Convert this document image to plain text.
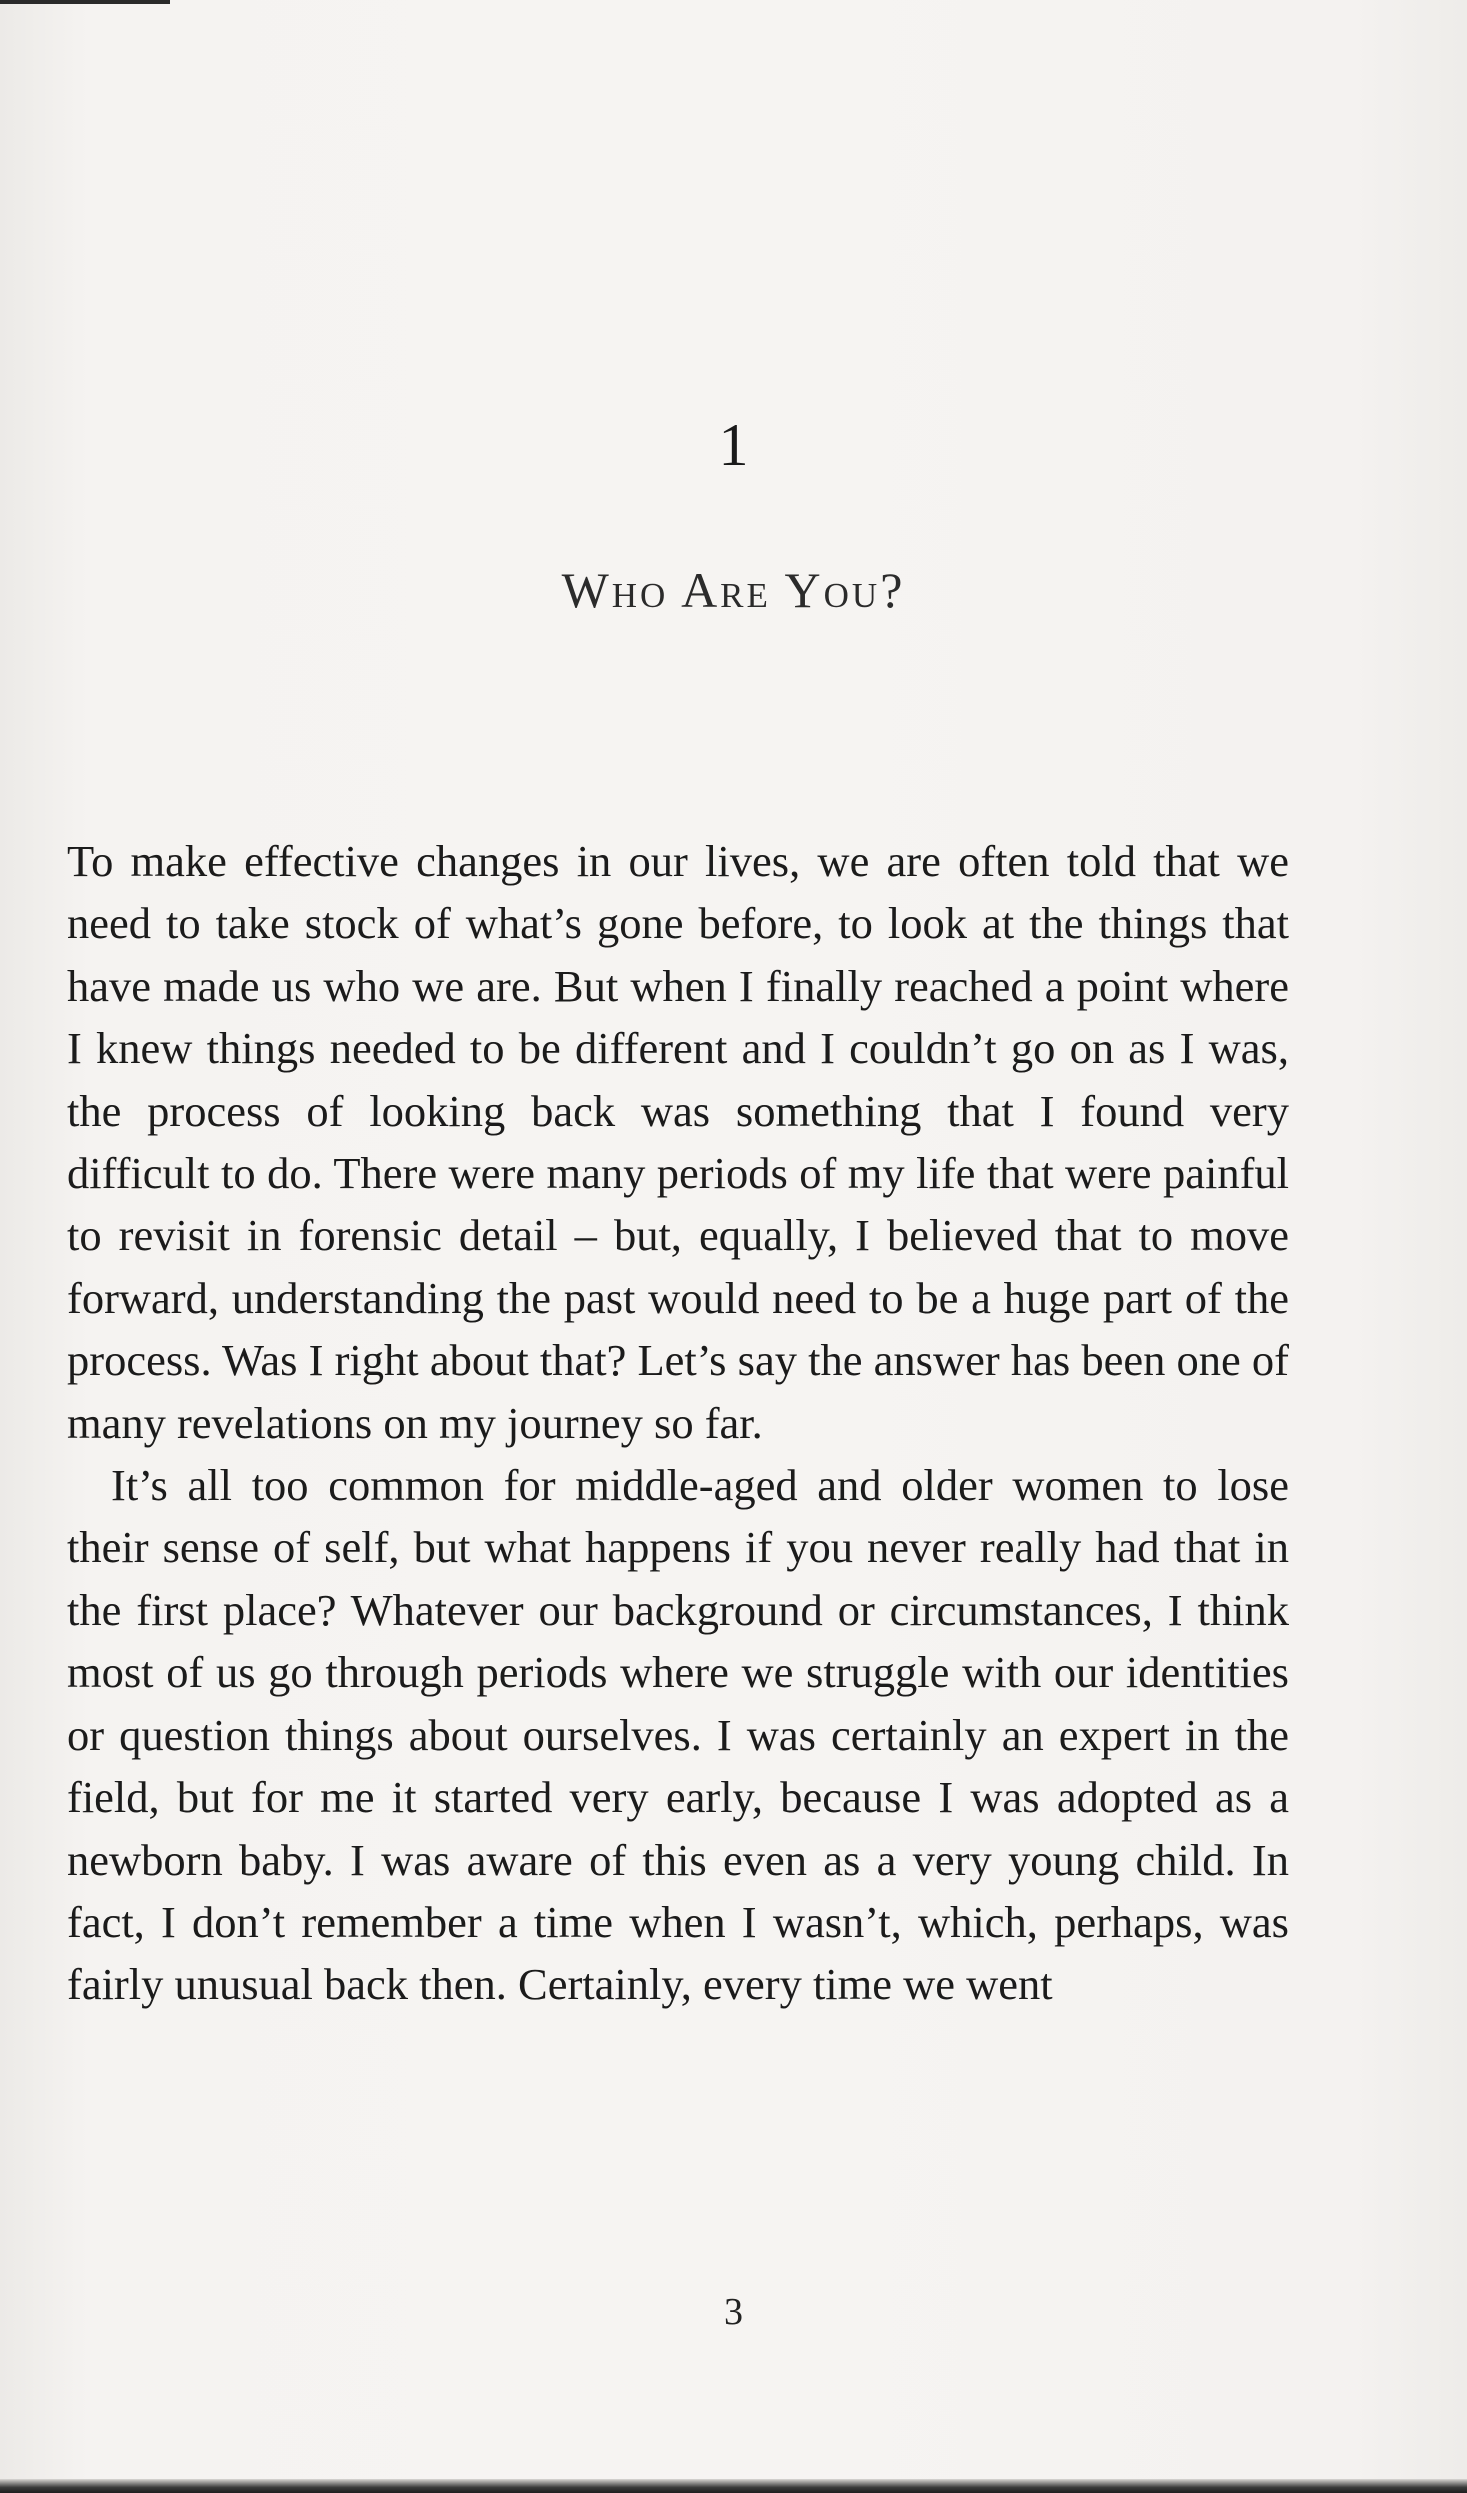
1
Who Are You?

To make effective changes in our lives, we are often told that we need to take stock of what’s gone before, to look at the things that have made us who we are. But when I finally reached a point where I knew things needed to be different and I couldn’t go on as I was, the process of looking back was something that I found very difficult to do. There were many periods of my life that were painful to revisit in forensic detail – but, equally, I believed that to move forward, understanding the past would need to be a huge part of the process. Was I right about that? Let’s say the answer has been one of many revelations on my journey so far.

It’s all too common for middle-aged and older women to lose their sense of self, but what happens if you never really had that in the first place? Whatever our background or circumstances, I think most of us go through periods where we struggle with our identities or question things about ourselves. I was certainly an expert in the field, but for me it started very early, because I was adopted as a newborn baby. I was aware of this even as a very young child. In fact, I don’t remember a time when I wasn’t, which, perhaps, was fairly unusual back then. Certainly, every time we went

3
